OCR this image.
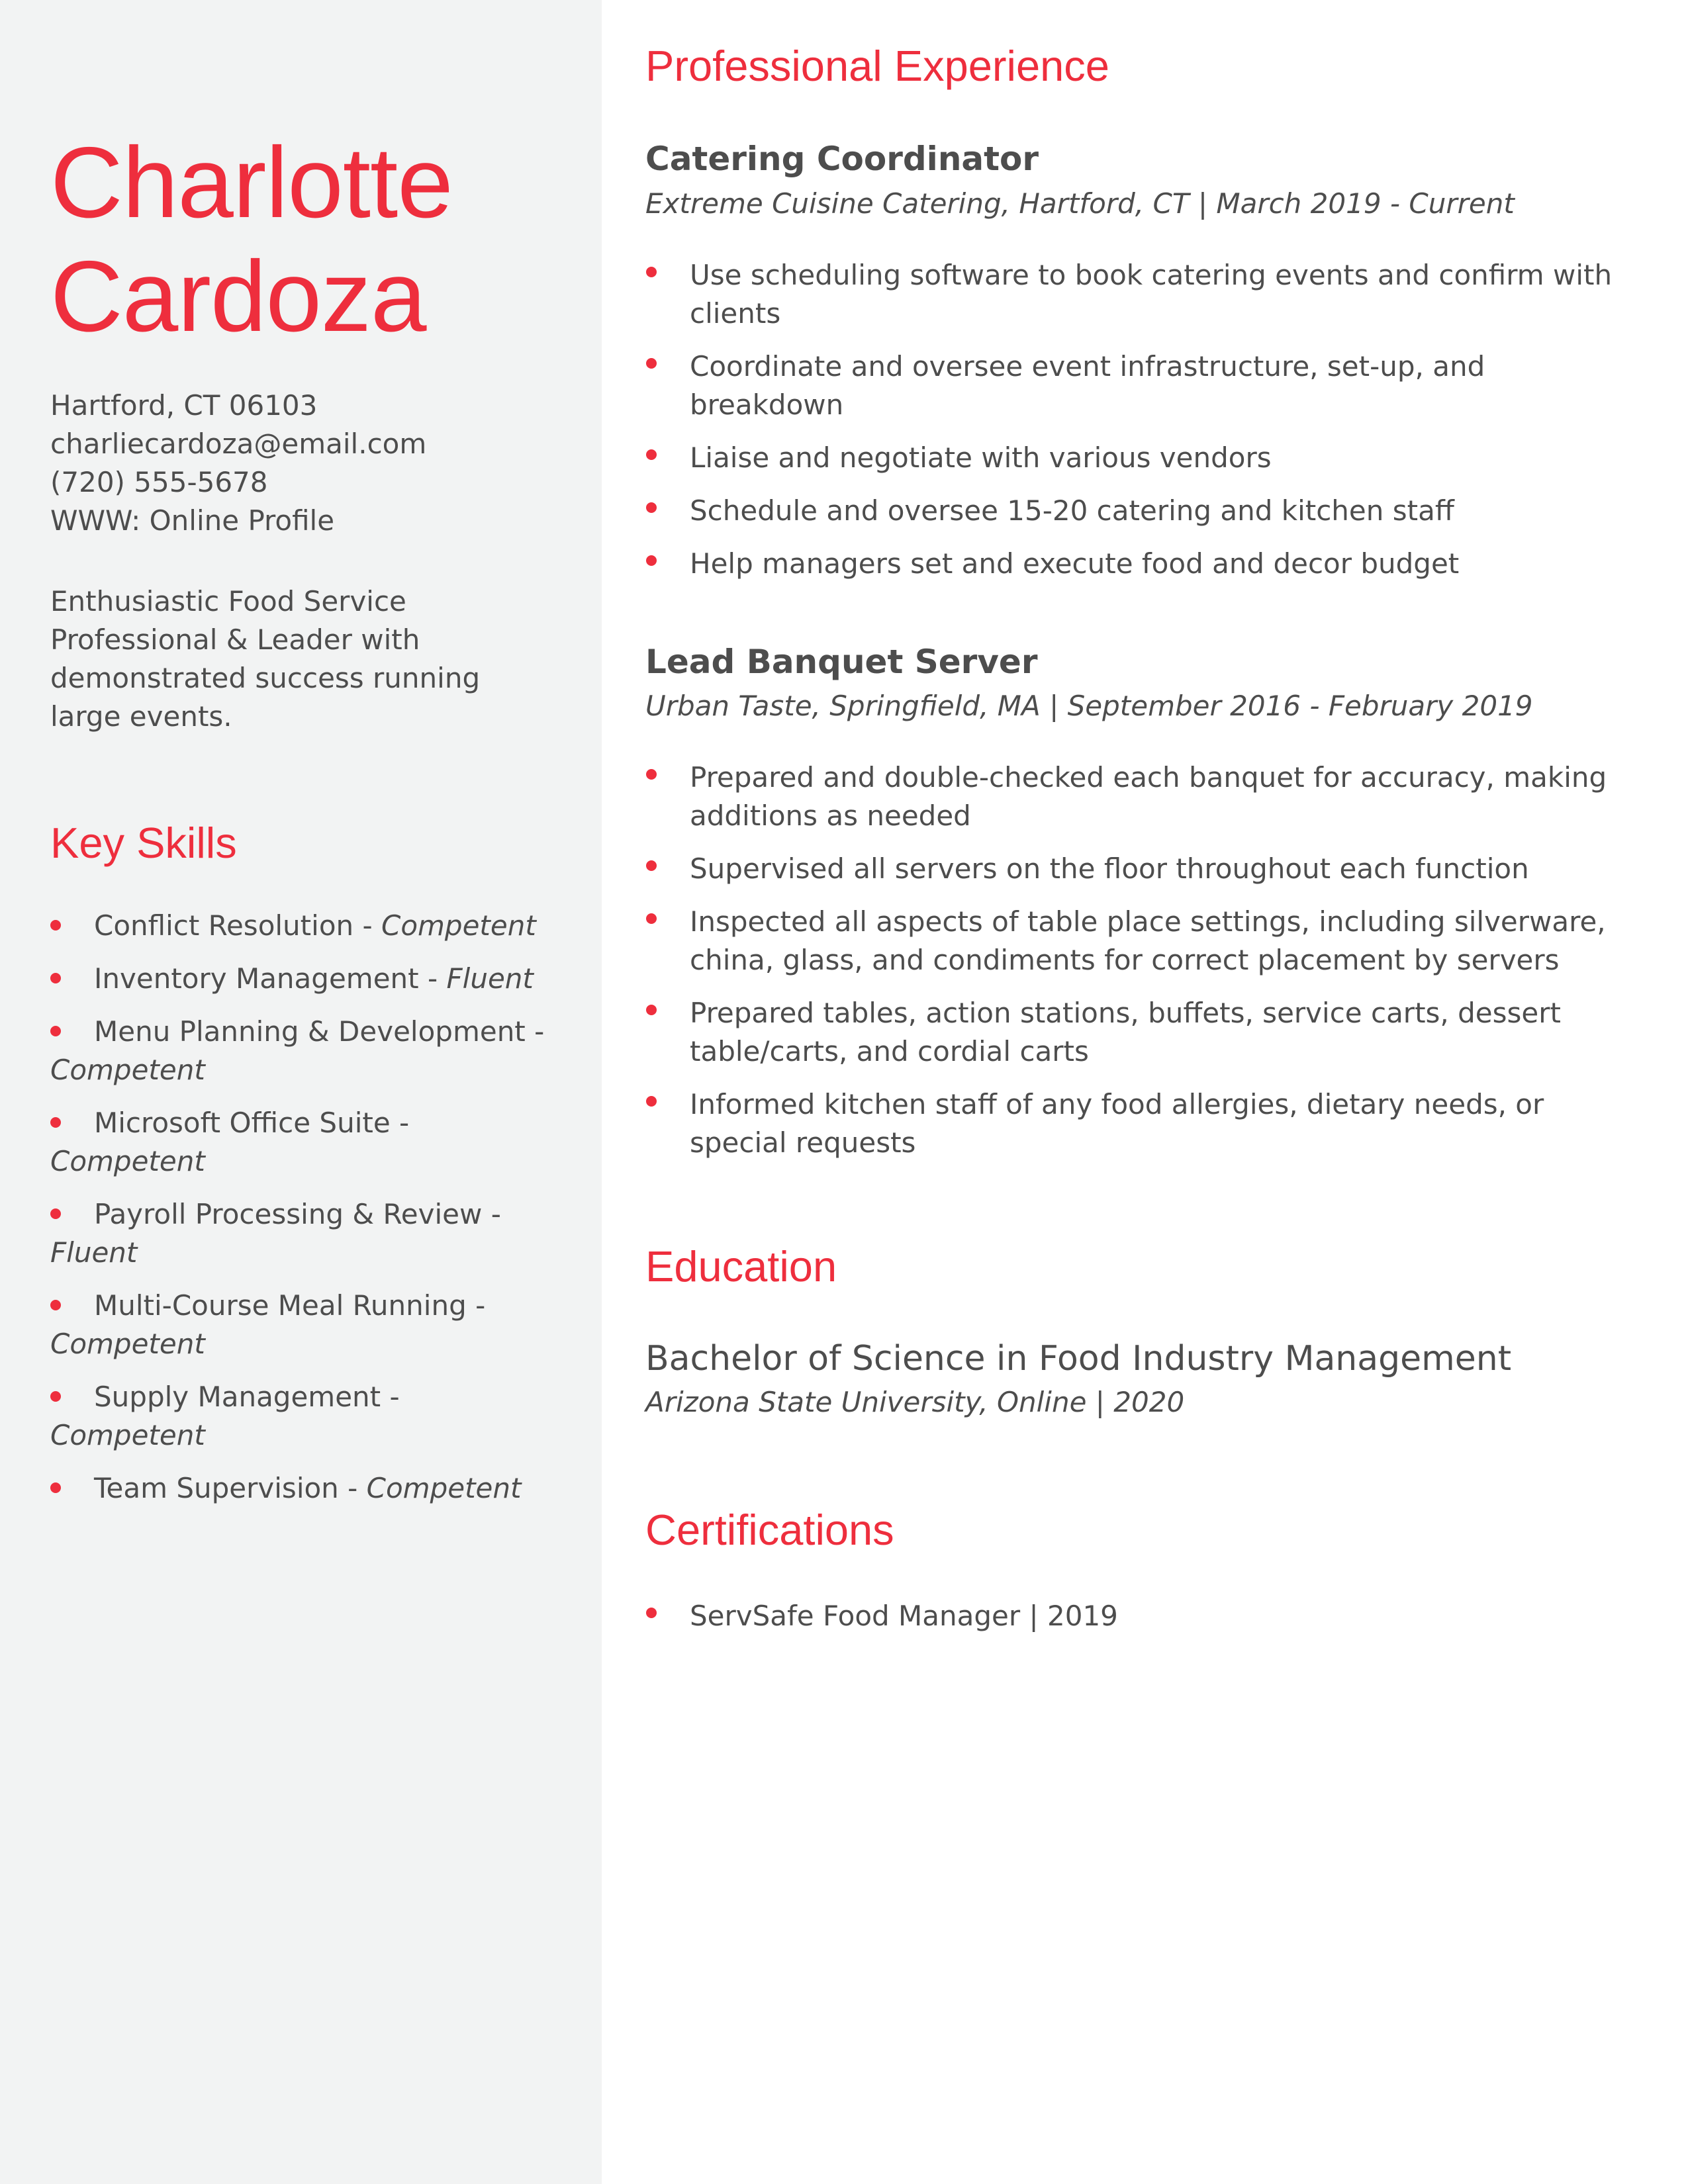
Charlotte
Cardoza
Hartford, CT 06103
charliecardoza@email.com
(720) 555-5678
WWW: Online Profile

Enthusiastic Food Service Professional & Leader with demonstrated success running large events.

Key Skills
Conflict Resolution - Competent
Inventory Management - Fluent
Menu Planning & Development -
Competent
Microsoft Office Suite -
Competent
Payroll Processing & Review -
Fluent
Multi-Course Meal Running -
Competent
Supply Management -
Competent
Team Supervision - Competent
Professional Experience
Catering Coordinator
Extreme Cuisine Catering, Hartford, CT | March 2019 - Current
Use scheduling software to book catering events and confirm with clients
Coordinate and oversee event infrastructure, set-up, and breakdown
Liaise and negotiate with various vendors
Schedule and oversee 15-20 catering and kitchen staff
Help managers set and execute food and decor budget
Lead Banquet Server
Urban Taste, Springfield, MA | September 2016 - February 2019
Prepared and double-checked each banquet for accuracy, making additions as needed
Supervised all servers on the floor throughout each function
Inspected all aspects of table place settings, including silverware, china, glass, and condiments for correct placement by servers
Prepared tables, action stations, buffets, service carts, dessert table/carts, and cordial carts
Informed kitchen staff of any food allergies, dietary needs, or special requests
Education
Bachelor of Science in Food Industry Management
Arizona State University, Online | 2020
Certifications
ServSafe Food Manager | 2019
